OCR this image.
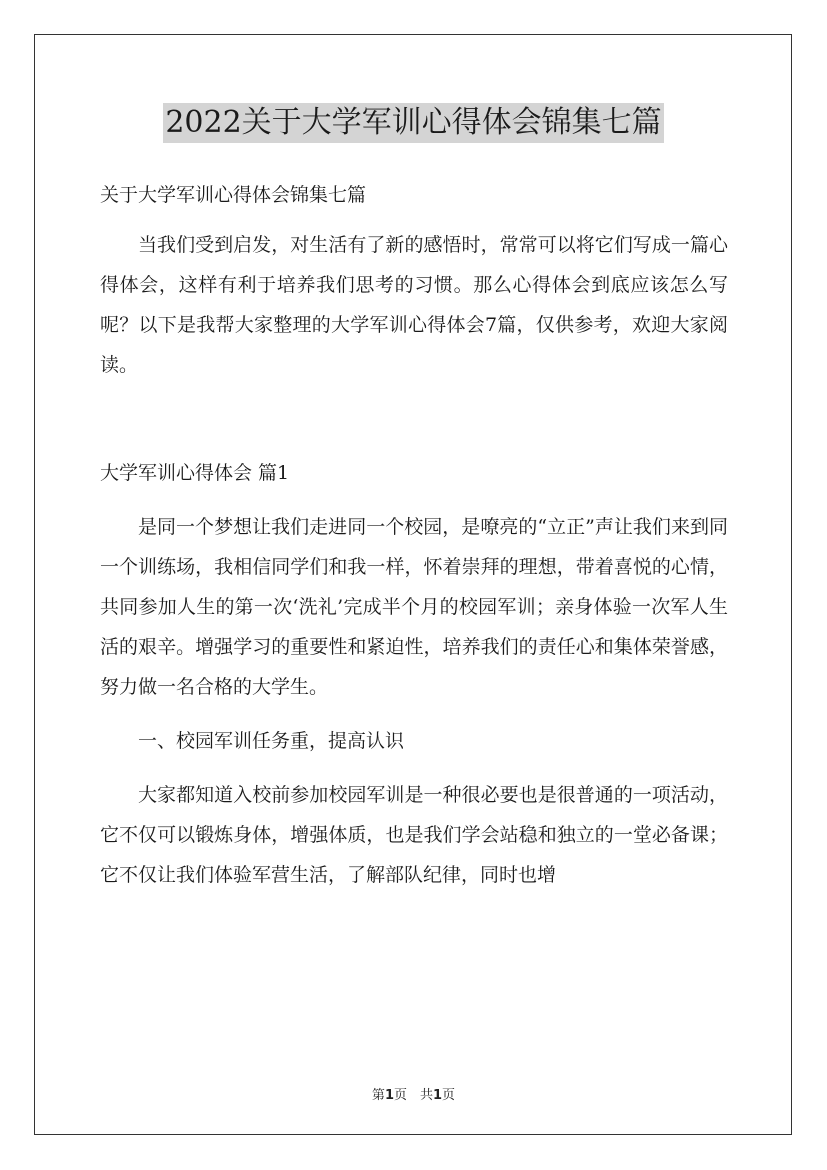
2022关于大学军训心得体会锦集七篇

关于大学军训心得体会锦集七篇

当我们受到启发，对生活有了新的感悟时，常常可以将它们写成一篇心得体会，这样有利于培养我们思考的习惯。那么心得体会到底应该怎么写呢？以下是我帮大家整理的大学军训心得体会7篇，仅供参考，欢迎大家阅读。

大学军训心得体会 篇1

是同一个梦想让我们走进同一个校园，是嘹亮的“立正”声让我们来到同一个训练场，我相信同学们和我一样，怀着崇拜的理想，带着喜悦的心情，共同参加人生的第一次‘洗礼’完成半个月的校园军训；亲身体验一次军人生活的艰辛。增强学习的重要性和紧迫性，培养我们的责任心和集体荣誉感，努力做一名合格的大学生。

一、校园军训任务重，提高认识

大家都知道入校前参加校园军训是一种很必要也是很普通的一项活动，它不仅可以锻炼身体，增强体质，也是我们学会站稳和独立的一堂必备课；它不仅让我们体验军营生活，了解部队纪律，同时也增

第1页　共1页
